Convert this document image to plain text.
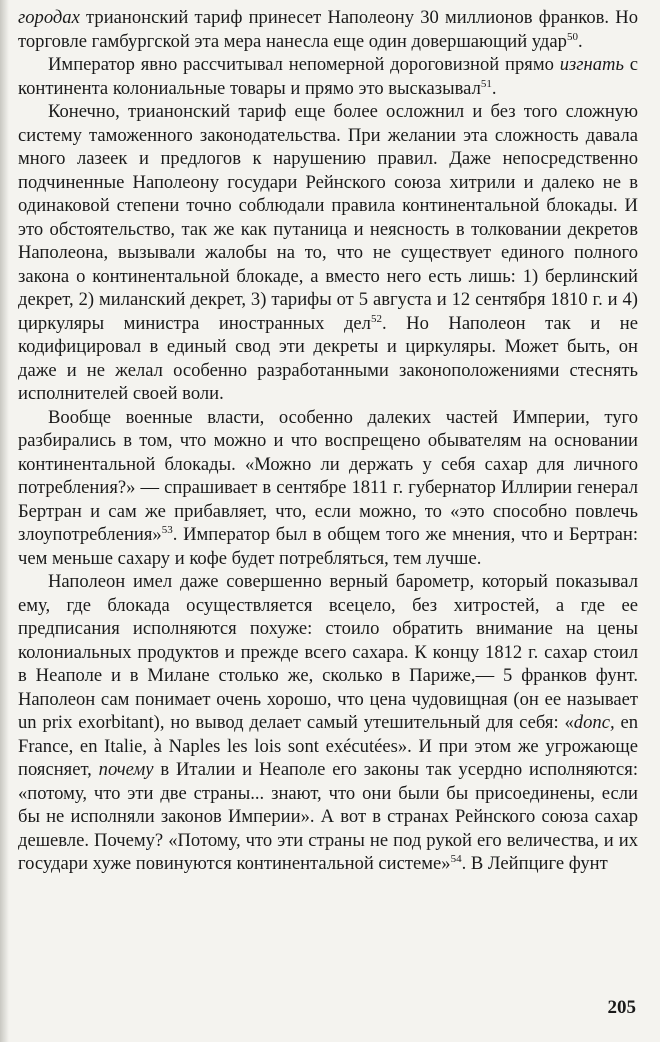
городах трианонский тариф принесет Наполеону 30 миллионов франков. Но торговле гамбургской эта мера нанесла еще один довершающий удар$^{50}$.

Император явно рассчитывал непомерной дороговизной прямо изгнать с континента колониальные товары и прямо это высказывал$^{51}$.

Конечно, трианонский тариф еще более осложнил и без того сложную систему таможенного законодательства. При желании эта сложность давала много лазеек и предлогов к нарушению правил. Даже непосредственно подчиненные Наполеону государи Рейнского союза хитрили и далеко не в одинаковой степени точно соблюдали правила континентальной блокады. И это обстоятельство, так же как путаница и неясность в толковании декретов Наполеона, вызывали жалобы на то, что не существует единого полного закона о континентальной блокаде, а вместо него есть лишь: 1) берлинский декрет, 2) миланский декрет, 3) тарифы от 5 августа и 12 сентября 1810 г. и 4) циркуляры министра иностранных дел$^{52}$. Но Наполеон так и не кодифицировал в единый свод эти декреты и циркуляры. Может быть, он даже и не желал особенно разработанными законоположениями стеснять исполнителей своей воли.

Вообще военные власти, особенно далеких частей Империи, туго разбирались в том, что можно и что воспрещено обывателям на основании континентальной блокады. «Можно ли держать у себя сахар для личного потребления?» — спрашивает в сентябре 1811 г. губернатор Иллирии генерал Бертран и сам же прибавляет, что, если можно, то «это способно повлечь злоупотребления»$^{53}$. Император был в общем того же мнения, что и Бертран: чем меньше сахару и кофе будет потребляться, тем лучше.

Наполеон имел даже совершенно верный барометр, который показывал ему, где блокада осуществляется всецело, без хитростей, а где ее предписания исполняются похуже: стоило обратить внимание на цены колониальных продуктов и прежде всего сахара. К концу 1812 г. сахар стоил в Неаполе и в Милане столько же, сколько в Париже,— 5 франков фунт. Наполеон сам понимает очень хорошо, что цена чудовищная (он ее называет un prix exorbitant), но вывод делает самый утешительный для себя: «donc, en France, en Italie, à Naples les lois sont exécutées». И при этом же угрожающе поясняет, почему в Италии и Неаполе его законы так усердно исполняются: «потому, что эти две страны... знают, что они были бы присоединены, если бы не исполняли законов Империи». А вот в странах Рейнского союза сахар дешевле. Почему? «Потому, что эти страны не под рукой его величества, и их государи хуже повинуются континентальной системе»$^{54}$. В Лейпциге фунт

205
